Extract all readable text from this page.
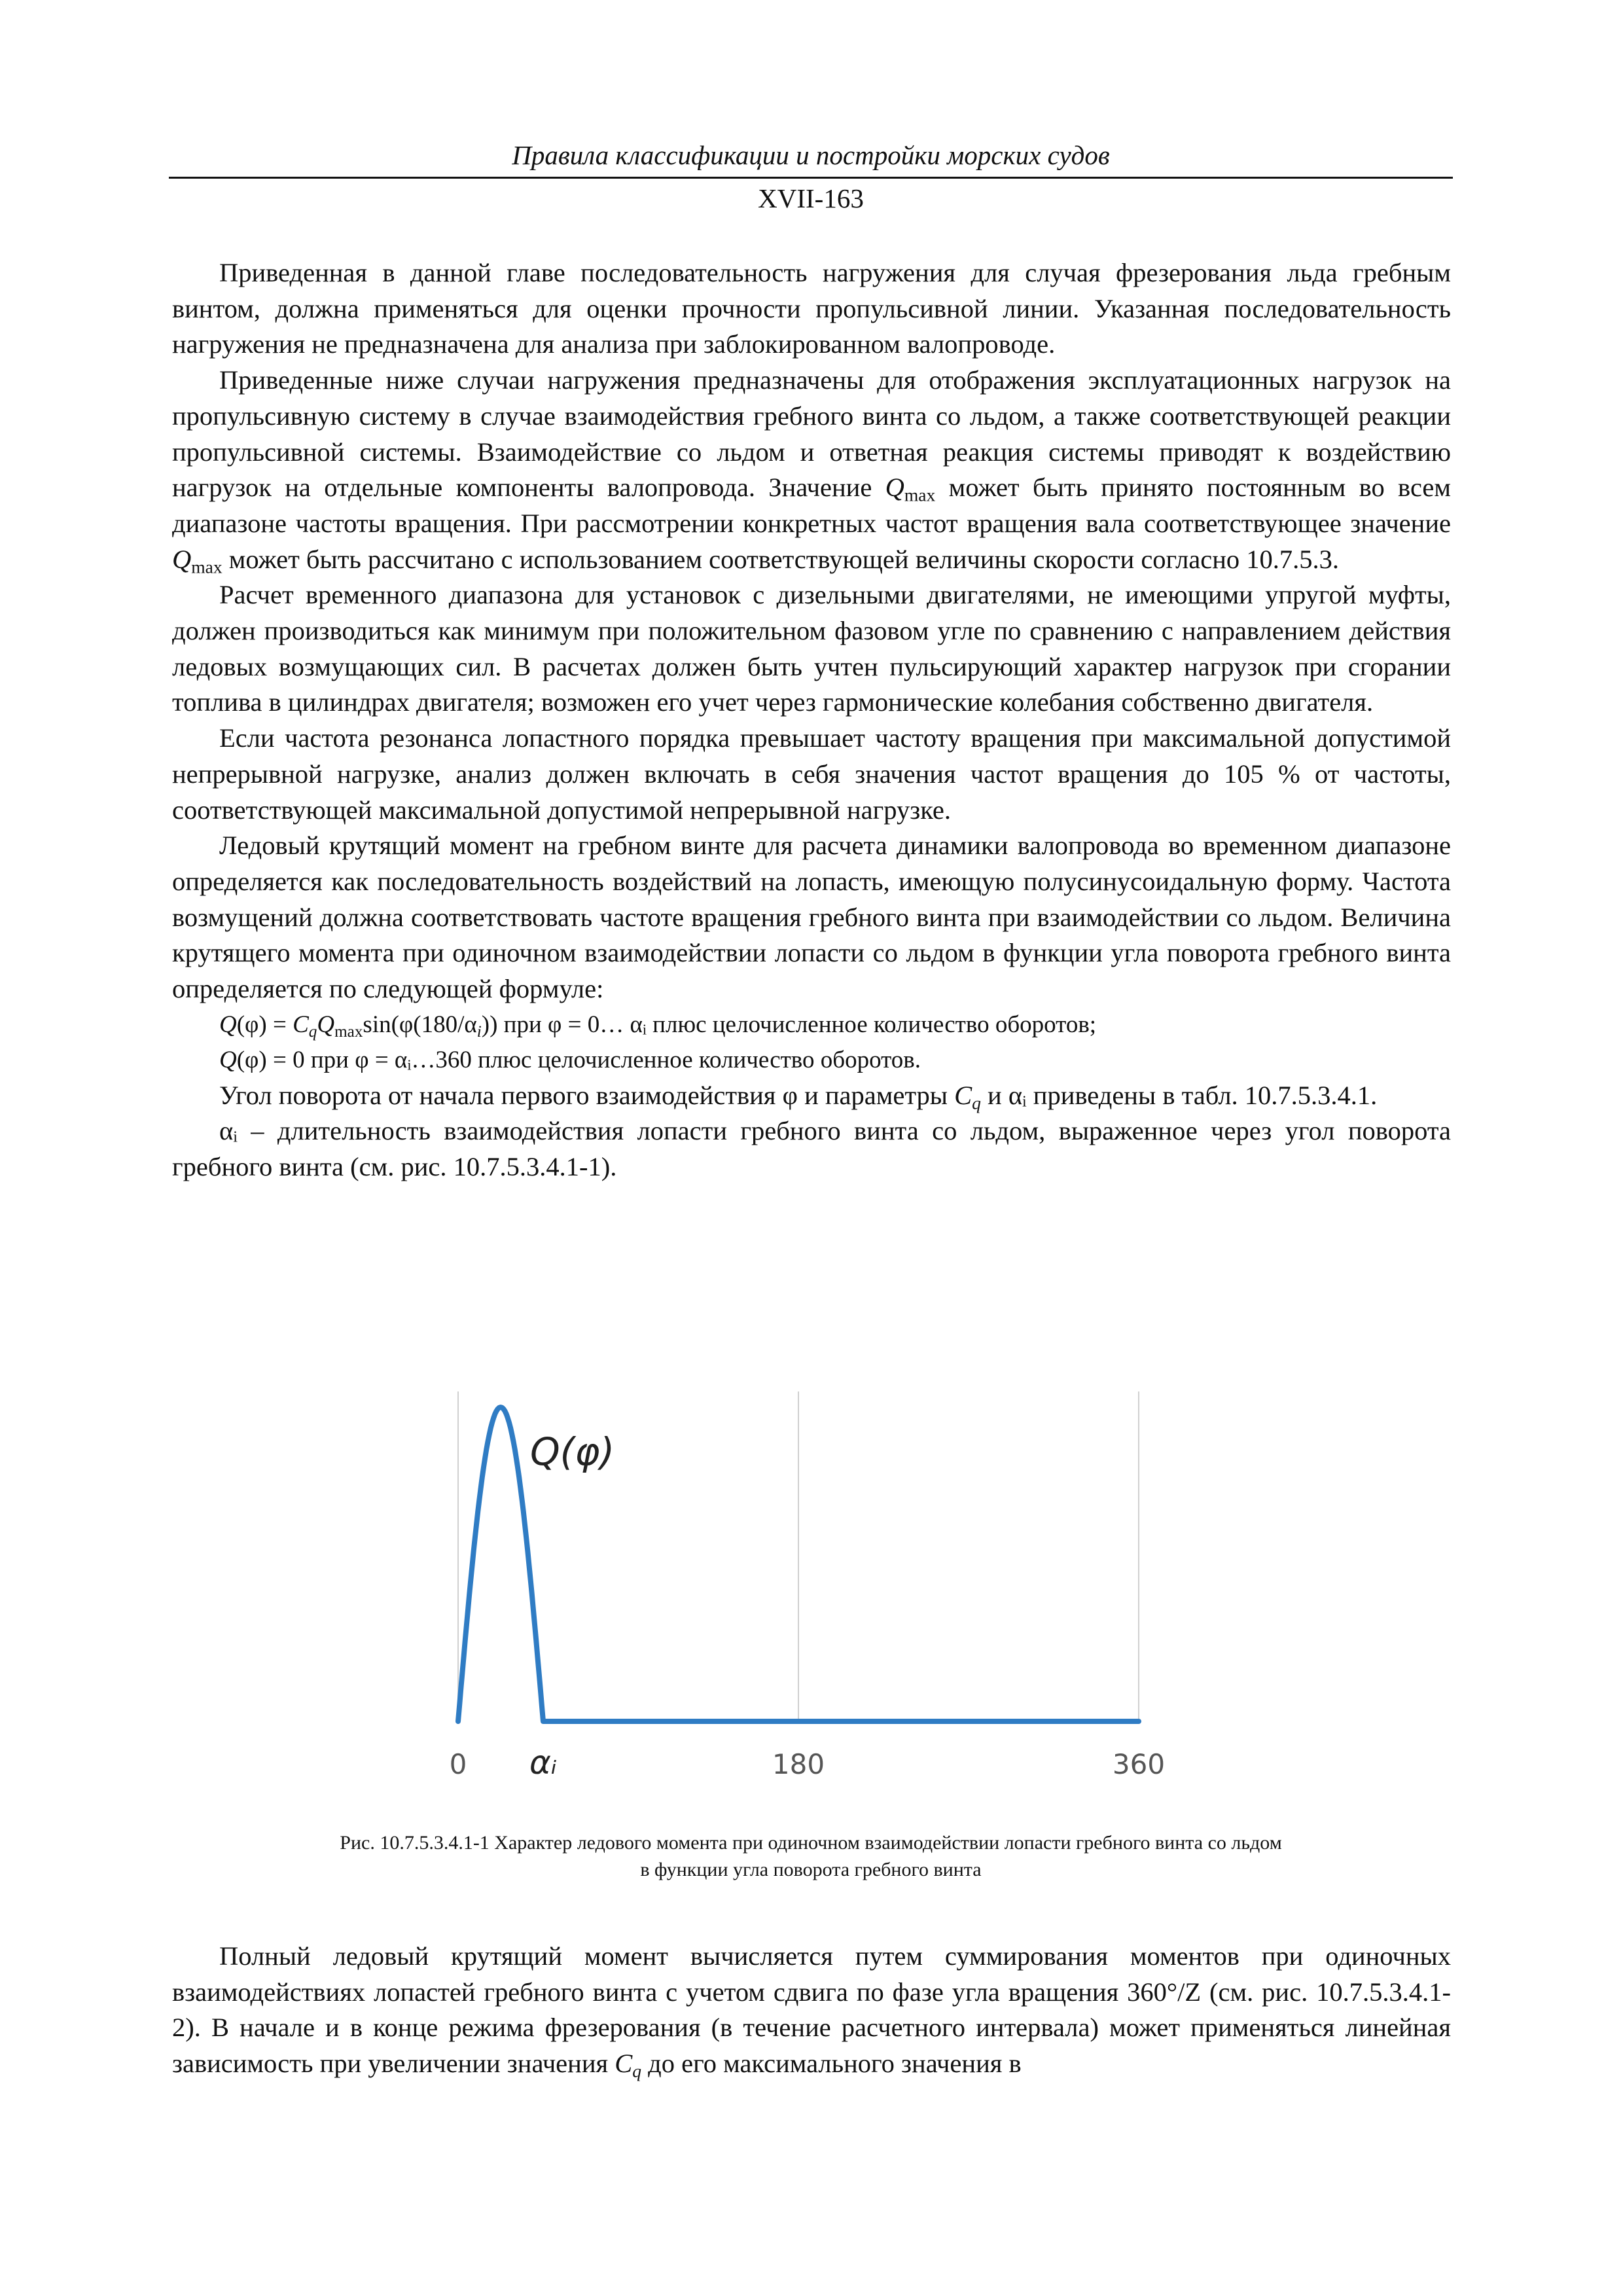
Правила классификации и постройки морских судов
XVII-163

Приведенная в данной главе последовательность нагружения для случая фрезерования льда гребным винтом, должна применяться для оценки прочности пропульсивной линии. Указанная последовательность нагружения не предназначена для анализа при заблокированном валопроводе.

Приведенные ниже случаи нагружения предназначены для отображения эксплуатационных нагрузок на пропульсивную систему в случае взаимодействия гребного винта со льдом, а также соответствующей реакции пропульсивной системы. Взаимодействие со льдом и ответная реакция системы приводят к воздействию нагрузок на отдельные компоненты валопровода. Значение $Q_{max}$ может быть принято постоянным во всем диапазоне частоты вращения. При рассмотрении конкретных частот вращения вала соответствующее значение $Q_{max}$ может быть рассчитано с использованием соответствующей величины скорости согласно 10.7.5.3.

Расчет временного диапазона для установок с дизельными двигателями, не имеющими упругой муфты, должен производиться как минимум при положительном фазовом угле по сравнению с направлением действия ледовых возмущающих сил. В расчетах должен быть учтен пульсирующий характер нагрузок при сгорании топлива в цилиндрах двигателя; возможен его учет через гармонические колебания собственно двигателя.

Если частота резонанса лопастного порядка превышает частоту вращения при максимальной допустимой непрерывной нагрузке, анализ должен включать в себя значения частот вращения до 105 % от частоты, соответствующей максимальной допустимой непрерывной нагрузке.

Ледовый крутящий момент на гребном винте для расчета динамики валопровода во временном диапазоне определяется как последовательность воздействий на лопасть, имеющую полусинусоидальную форму. Частота возмущений должна соответствовать частоте вращения гребного винта при взаимодействии со льдом. Величина крутящего момента при одиночном взаимодействии лопасти со льдом в функции угла поворота гребного винта определяется по следующей формуле:

$Q(\varphi) = C_qQ_{max}\sin(\varphi(180/\alpha_i))$ при φ = 0… αᵢ плюс целочисленное количество оборотов;

Q(φ) = 0 при φ = αᵢ…360 плюс целочисленное количество оборотов.

Угол поворота от начала первого взаимодействия φ и параметры $C_q$ и αᵢ приведены в табл. 10.7.5.3.4.1.

αᵢ – длительность взаимодействия лопасти гребного винта со льдом, выраженное через угол поворота гребного винта (см. рис. 10.7.5.3.4.1-1).

Q(φ)
0 αᵢ	180	360
Рис. 10.7.5.3.4.1-1 Характер ледового момента при одиночном взаимодействии лопасти гребного винта со льдом
в функции угла поворота гребного винта

Полный ледовый крутящий момент вычисляется путем суммирования моментов при одиночных взаимодействиях лопастей гребного винта с учетом сдвига по фазе угла вращения 360°/Z (см. рис. 10.7.5.3.4.1-2). В начале и в конце режима фрезерования (в течение расчетного интервала) может применяться линейная зависимость при увеличении значения $C_q$ до его максимального значения в
